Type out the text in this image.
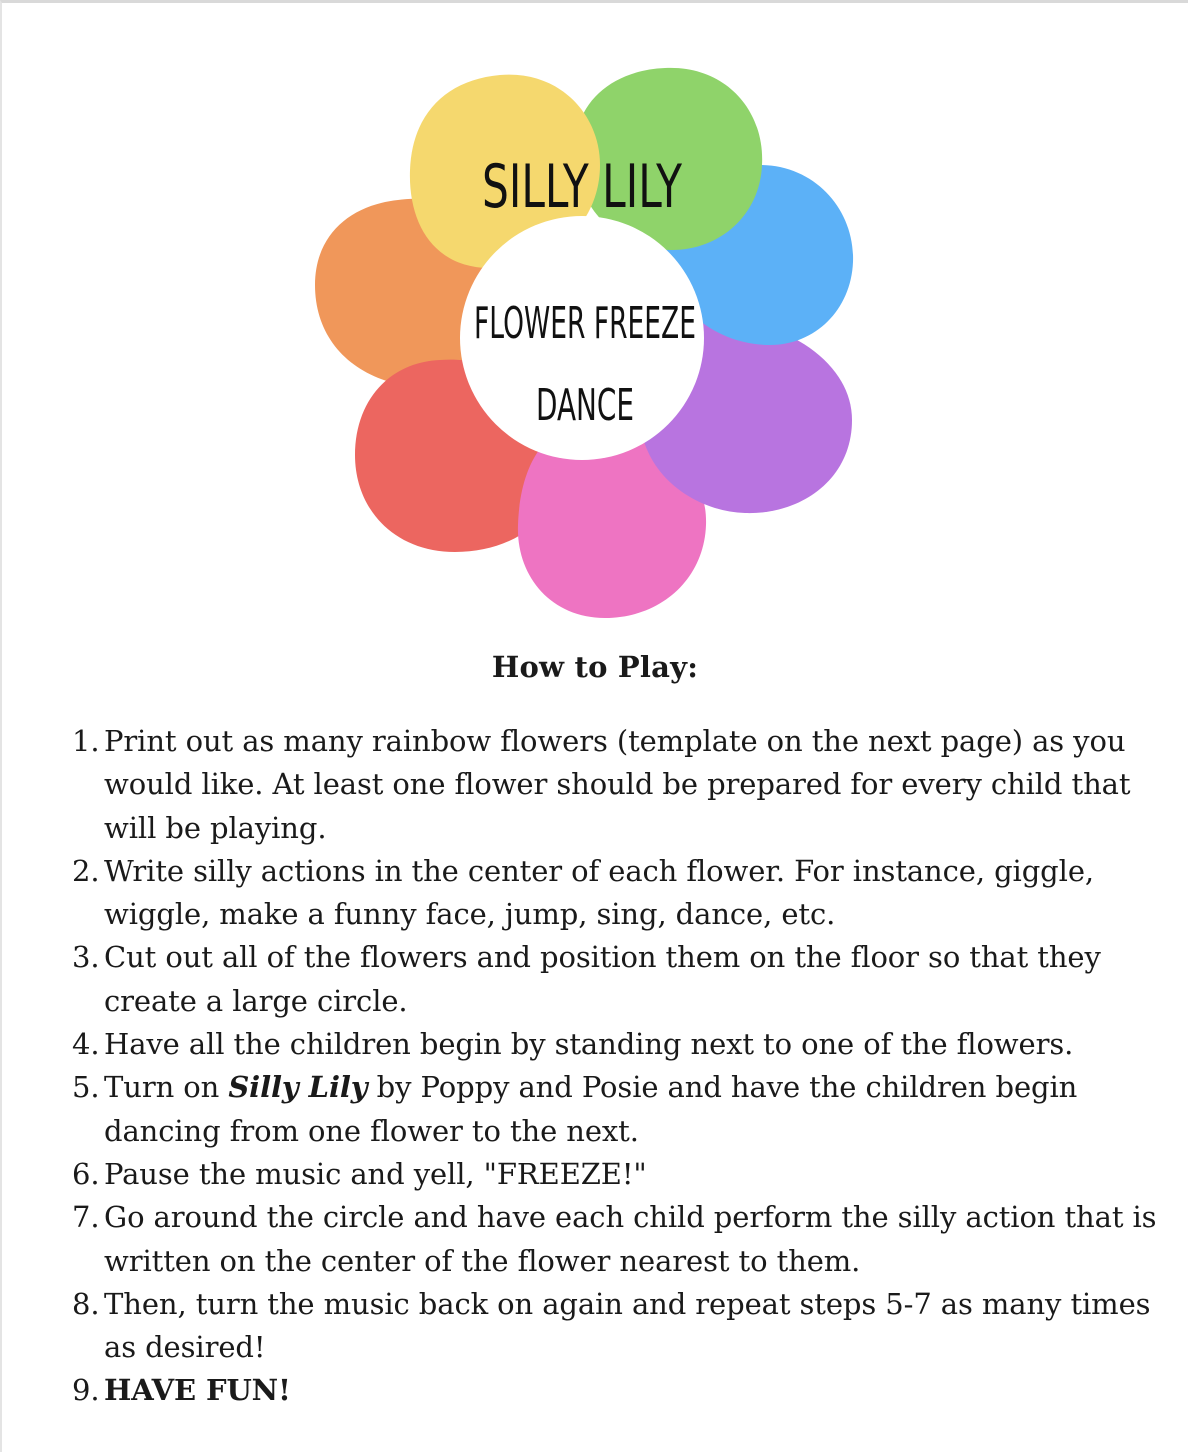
SILLY LILY
FLOWER FREEZE
DANCE
How to Play:
1. Print out as many rainbow flowers (template on the next page) as you would like. At least one flower should be prepared for every child that will be playing.
2. Write silly actions in the center of each flower. For instance, giggle, wiggle, make a funny face, jump, sing, dance, etc.
3. Cut out all of the flowers and position them on the floor so that they create a large circle.
4. Have all the children begin by standing next to one of the flowers.
5. Turn on Silly Lily by Poppy and Posie and have the children begin dancing from one flower to the next.
6. Pause the music and yell, "FREEZE!"
7. Go around the circle and have each child perform the silly action that is written on the center of the flower nearest to them.
8. Then, turn the music back on again and repeat steps 5-7 as many times as desired!
9. HAVE FUN!
